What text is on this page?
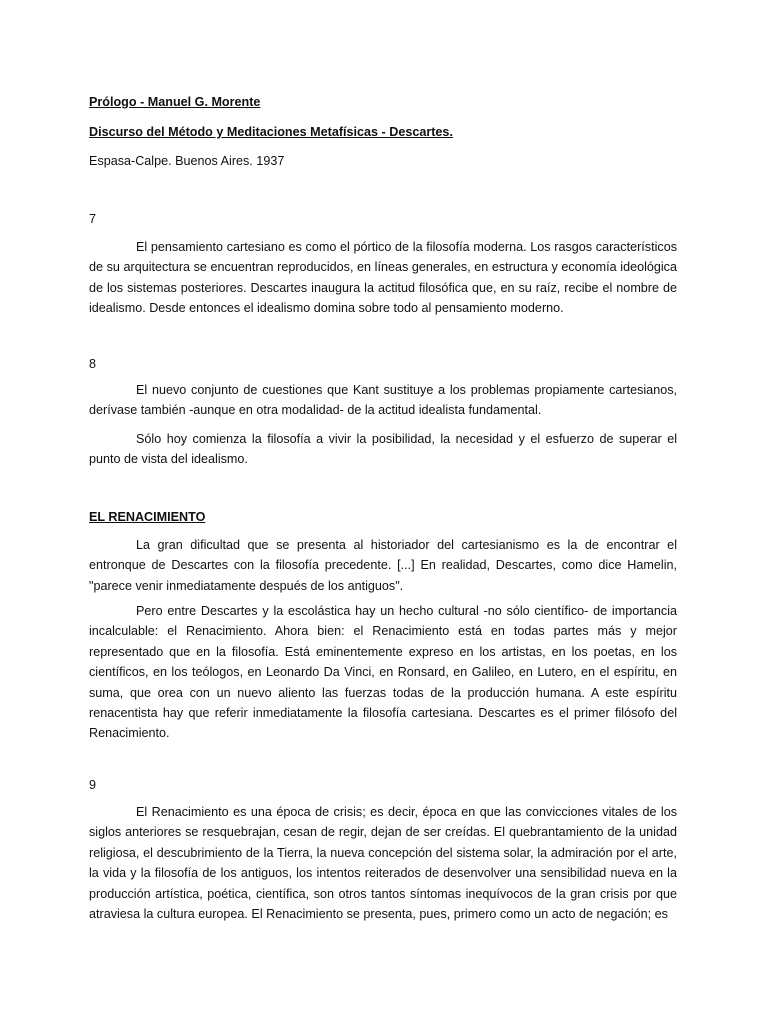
Prólogo - Manuel G. Morente
Discurso del Método y Meditaciones Metafísicas - Descartes.
Espasa-Calpe. Buenos Aires. 1937
7

El pensamiento cartesiano es como el pórtico de la filosofía moderna. Los rasgos característicos de su arquitectura se encuentran reproducidos, en líneas generales, en estructura y economía ideológica de los sistemas posteriores. Descartes inaugura la actitud filosófica que, en su raíz, recibe el nombre de idealismo. Desde entonces el idealismo domina sobre todo al pensamiento moderno.

8

El nuevo conjunto de cuestiones que Kant sustituye a los problemas propiamente cartesianos, derívase también -aunque en otra modalidad- de la actitud idealista fundamental.

Sólo hoy comienza la filosofía a vivir la posibilidad, la necesidad y el esfuerzo de superar el punto de vista del idealismo.

EL RENACIMIENTO

La gran dificultad que se presenta al historiador del cartesianismo es la de encontrar el entronque de Descartes con la filosofía precedente. [...] En realidad, Descartes, como dice Hamelin, "parece venir inmediatamente después de los antiguos".

Pero entre Descartes y la escolástica hay un hecho cultural -no sólo científico- de importancia incalculable: el Renacimiento. Ahora bien: el Renacimiento está en todas partes más y mejor representado que en la filosofía. Está eminentemente expreso en los artistas, en los poetas, en los científicos, en los teólogos, en Leonardo Da Vinci, en Ronsard, en Galileo, en Lutero, en el espíritu, en suma, que orea con un nuevo aliento las fuerzas todas de la producción humana. A este espíritu renacentista hay que referir inmediatamente la filosofía cartesiana. Descartes es el primer filósofo del Renacimiento.

9

El Renacimiento es una época de crisis; es decir, época en que las convicciones vitales de los siglos anteriores se resquebrajan, cesan de regir, dejan de ser creídas. El quebrantamiento de la unidad religiosa, el descubrimiento de la Tierra, la nueva concepción del sistema solar, la admiración por el arte, la vida y la filosofía de los antiguos, los intentos reiterados de desenvolver una sensibilidad nueva en la producción artística, poética, científica, son otros tantos síntomas inequívocos de la gran crisis por que atraviesa la cultura europea. El Renacimiento se presenta, pues, primero como un acto de negación; es
